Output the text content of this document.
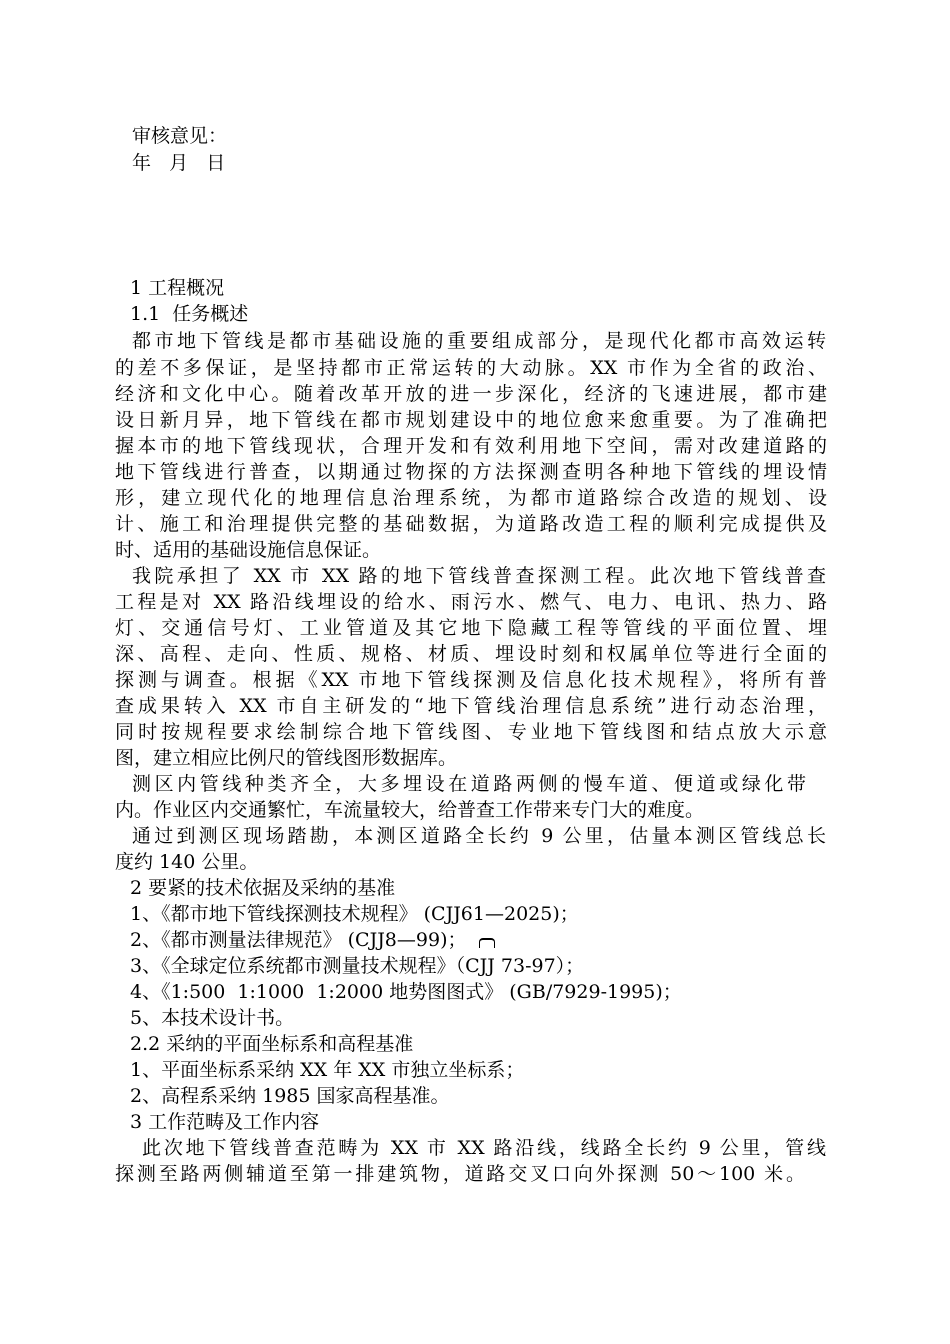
审核意见：
年   月   日
1 工程概况
1.1  任务概述
都市地下管线是都市基础设施的重要组成部分，是现代化都市高效运转
的差不多保证，是坚持都市正常运转的大动脉。XX 市作为全省的政治、
经济和文化中心。随着改革开放的进一步深化，经济的飞速进展，都市建
设日新月异，地下管线在都市规划建设中的地位愈来愈重要。为了准确把
握本市的地下管线现状，合理开发和有效利用地下空间，需对改建道路的
地下管线进行普查，以期通过物探的方法探测查明各种地下管线的埋设情
形，建立现代化的地理信息治理系统，为都市道路综合改造的规划、设
计、施工和治理提供完整的基础数据，为道路改造工程的顺利完成提供及
时、适用的基础设施信息保证。
我院承担了 XX 市 XX 路的地下管线普查探测工程。此次地下管线普查
工程是对 XX 路沿线埋设的给水、雨污水、燃气、电力、电讯、热力、路
灯、交通信号灯、工业管道及其它地下隐藏工程等管线的平面位置、埋
深、高程、走向、性质、规格、材质、埋设时刻和权属单位等进行全面的
探测与调查。根据《XX 市地下管线探测及信息化技术规程》，将所有普
查成果转入 XX 市自主研发的“地下管线治理信息系统”进行动态治理，
同时按规程要求绘制综合地下管线图、专业地下管线图和结点放大示意
图，建立相应比例尺的管线图形数据库。
测区内管线种类齐全，大多埋设在道路两侧的慢车道、便道或绿化带
内。作业区内交通繁忙，车流量较大，给普查工作带来专门大的难度。
通过到测区现场踏勘，本测区道路全长约 9 公里，估量本测区管线总长
度约 140 公里。
2 要紧的技术依据及采纳的基准
1、《都市地下管线探测技术规程》 (CJJ61—2025)；
2、《都市测量法律规范》 (CJJ8—99)；
3、《全球定位系统都市测量技术规程》（CJJ 73-97）；
4、《1:500  1:1000  1:2000 地势图图式》 (GB/7929-1995)；
5、本技术设计书。
2.2 采纳的平面坐标系和高程基准
1、平面坐标系采纳 XX 年 XX 市独立坐标系；
2、高程系采纳 1985 国家高程基准。
3 工作范畴及工作内容
此次地下管线普查范畴为 XX 市 XX 路沿线，线路全长约 9 公里，管线
探测至路两侧辅道至第一排建筑物，道路交叉口向外探测 50～100 米。
